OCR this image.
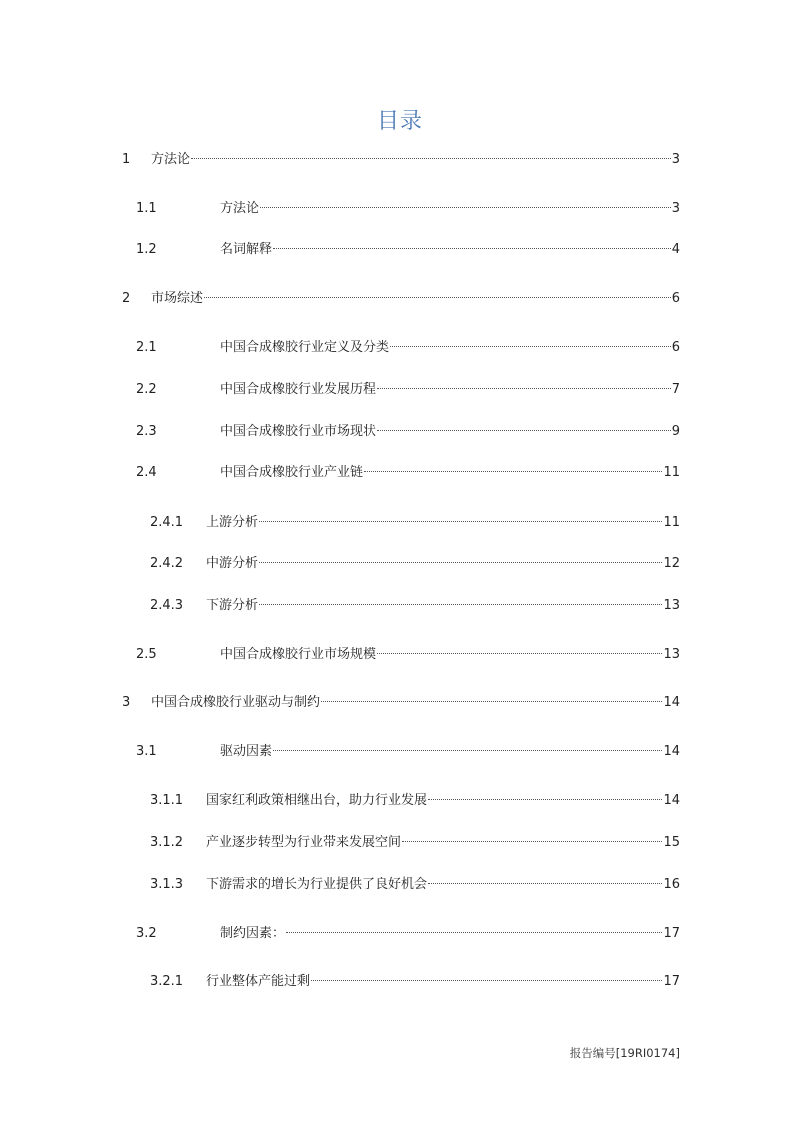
目录
1	方法论	3
1.1	方法论	3
1.2	名词解释	4
2	市场综述	6
2.1	中国合成橡胶行业定义及分类	6
2.2	中国合成橡胶行业发展历程	7
2.3	中国合成橡胶行业市场现状	9
2.4	中国合成橡胶行业产业链	11
2.4.1	上游分析	11
2.4.2	中游分析	12
2.4.3	下游分析	13
2.5	中国合成橡胶行业市场规模	13
3	中国合成橡胶行业驱动与制约	14
3.1	驱动因素	14
3.1.1	国家红利政策相继出台，助力行业发展	14
3.1.2	产业逐步转型为行业带来发展空间	15
3.1.3	下游需求的增长为行业提供了良好机会	16
3.2	制约因素：	17
3.2.1	行业整体产能过剩	17
报告编号[19RI0174]
